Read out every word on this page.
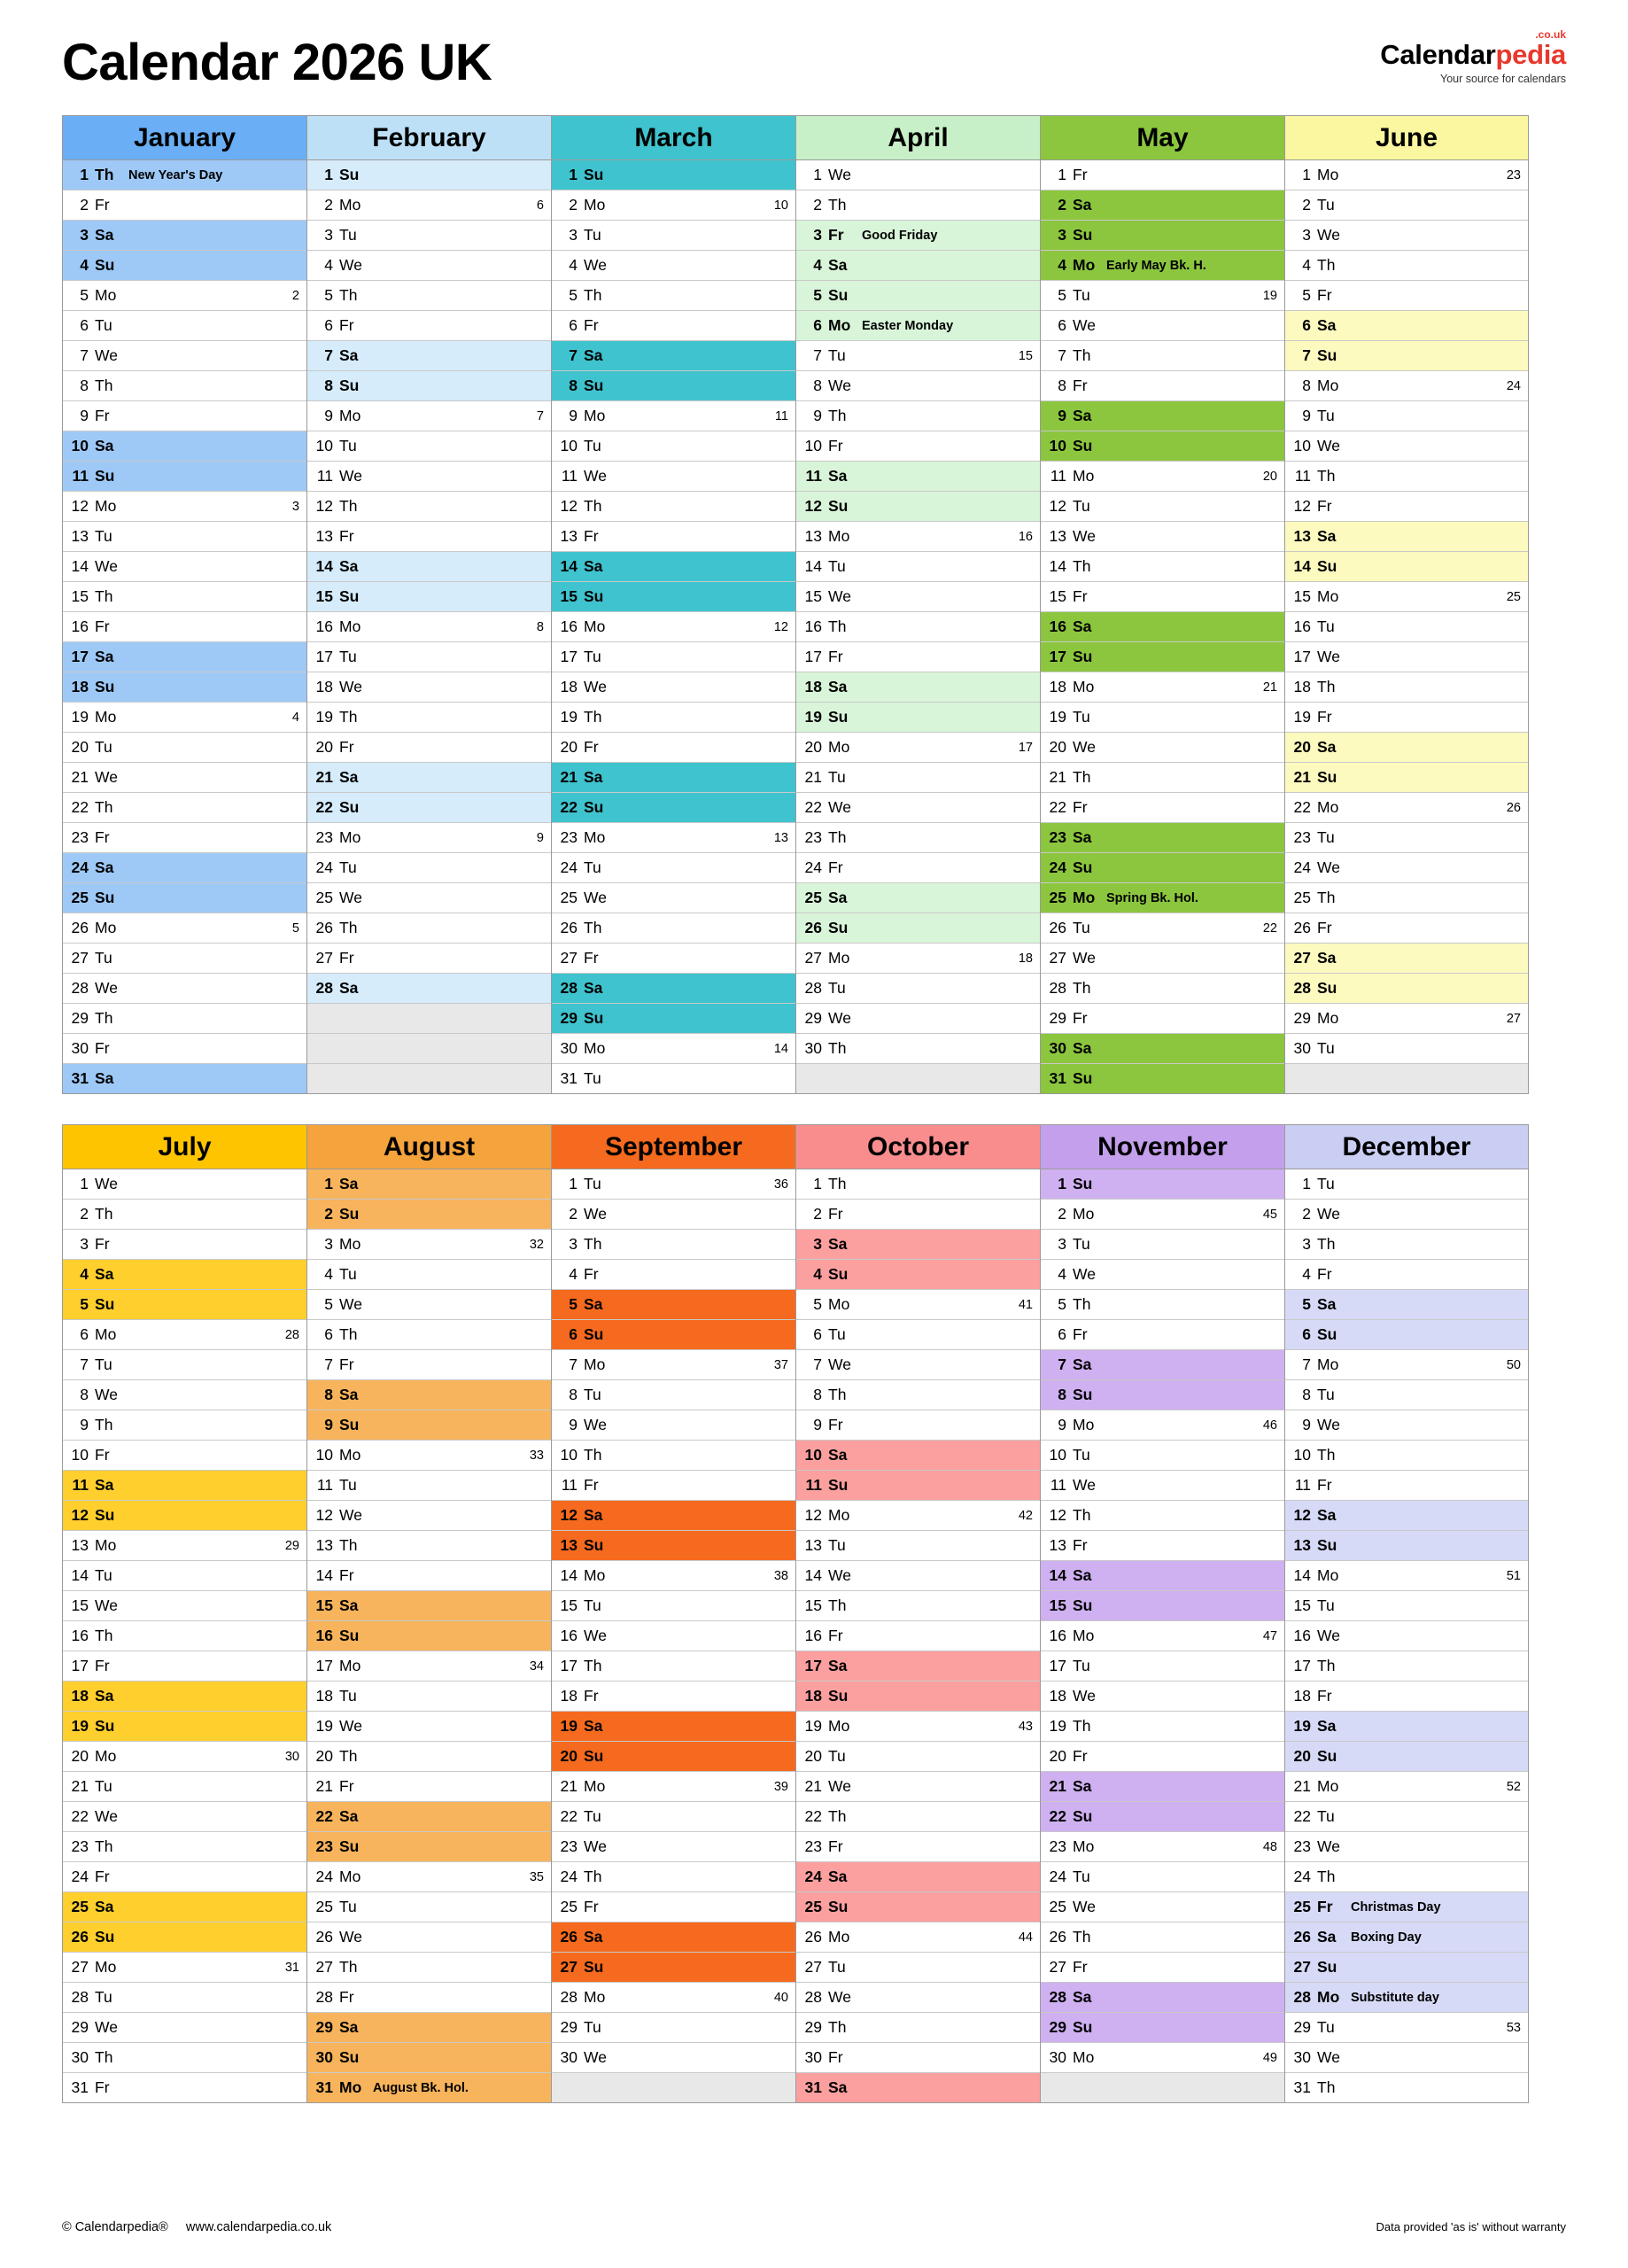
Calendar 2026 UK	Calendarpedia
.co.uk
Your source for calendars
January
1 Th	New Year's Day
2 Fr
3 Sa
4 Su
5 Mo	2
6 Tu
7 We
8 Th
9 Fr
10 Sa
11 Su
12 Mo	3
13 Tu
14 We
15 Th
16 Fr
17 Sa
18 Su
19 Mo	4
20 Tu
21 We
22 Th
23 Fr
24 Sa
25 Su
26 Mo	5
27 Tu
28 We
29 Th
30 Fr
31 Sa
February
1 Su
2 Mo	6
3 Tu
4 We
5 Th
6 Fr
7 Sa
8 Su
9 Mo	7
10 Tu
11 We
12 Th
13 Fr
14 Sa
15 Su
16 Mo	8
17 Tu
18 We
19 Th
20 Fr
21 Sa
22 Su
23 Mo	9
24 Tu
25 We
26 Th
27 Fr
28 Sa
March
1 Su
2 Mo	10
3 Tu
4 We
5 Th
6 Fr
7 Sa
8 Su
9 Mo	11
10 Tu
11 We
12 Th
13 Fr
14 Sa
15 Su
16 Mo	12
17 Tu
18 We
19 Th
20 Fr
21 Sa
22 Su
23 Mo	13
24 Tu
25 We
26 Th
27 Fr
28 Sa
29 Su
30 Mo	14
31 Tu
April
1 We
2 Th
3 Fr	Good Friday
4 Sa
5 Su
6 Mo Easter Monday
7 Tu	15
8 We
9 Th
10 Fr
11 Sa
12 Su
13 Mo	16
14 Tu
15 We
16 Th
17 Fr
18 Sa
19 Su
20 Mo	17
21 Tu
22 We
23 Th
24 Fr
25 Sa
26 Su
27 Mo	18
28 Tu
29 We
30 Th
May
1 Fr
2 Sa
3 Su
4 Mo Early May Bk. H.
5 Tu	19
6 We
7 Th
8 Fr
9 Sa
10 Su
11 Mo	20
12 Tu
13 We
14 Th
15 Fr
16 Sa
17 Su
18 Mo	21
19 Tu
20 We
21 Th
22 Fr
23 Sa
24 Su
25 Mo Spring Bk. Hol.
26 Tu	22
27 We
28 Th
29 Fr
30 Sa
31 Su
June
1 Mo	23
2 Tu
3 We
4 Th
5 Fr
6 Sa
7 Su
8 Mo	24
9 Tu
10 We
11 Th
12 Fr
13 Sa
14 Su
15 Mo	25
16 Tu
17 We
18 Th
19 Fr
20 Sa
21 Su
22 Mo	26
23 Tu
24 We
25 Th
26 Fr
27 Sa
28 Su
29 Mo	27
30 Tu
July
1 We
2 Th
3 Fr
4 Sa
5 Su
6 Mo	28
7 Tu
8 We
9 Th
10 Fr
11 Sa
12 Su
13 Mo	29
14 Tu
15 We
16 Th
17 Fr
18 Sa
19 Su
20 Mo	30
21 Tu
22 We
23 Th
24 Fr
25 Sa
26 Su
27 Mo	31
28 Tu
29 We
30 Th
31 Fr
August
1 Sa
2 Su
3 Mo	32
4 Tu
5 We
6 Th
7 Fr
8 Sa
9 Su
10 Mo	33
11 Tu
12 We
13 Th
14 Fr
15 Sa
16 Su
17 Mo	34
18 Tu
19 We
20 Th
21 Fr
22 Sa
23 Su
24 Mo	35
25 Tu
26 We
27 Th
28 Fr
29 Sa
30 Su
31 Mo August Bk. Hol.
September
1 Tu	36
2 We
3 Th
4 Fr
5 Sa
6 Su
7 Mo	37
8 Tu
9 We
10 Th
11 Fr
12 Sa
13 Su
14 Mo	38
15 Tu
16 We
17 Th
18 Fr
19 Sa
20 Su
21 Mo	39
22 Tu
23 We
24 Th
25 Fr
26 Sa
27 Su
28 Mo	40
29 Tu
30 We
October
1 Th
2 Fr
3 Sa
4 Su
5 Mo	41
6 Tu
7 We
8 Th
9 Fr
10 Sa
11 Su
12 Mo	42
13 Tu
14 We
15 Th
16 Fr
17 Sa
18 Su
19 Mo	43
20 Tu
21 We
22 Th
23 Fr
24 Sa
25 Su
26 Mo	44
27 Tu
28 We
29 Th
30 Fr
31 Sa
November
1 Su
2 Mo	45
3 Tu
4 We
5 Th
6 Fr
7 Sa
8 Su
9 Mo	46
10 Tu
11 We
12 Th
13 Fr
14 Sa
15 Su
16 Mo	47
17 Tu
18 We
19 Th
20 Fr
21 Sa
22 Su
23 Mo	48
24 Tu
25 We
26 Th
27 Fr
28 Sa
29 Su
30 Mo	49
December
1 Tu
2 We
3 Th
4 Fr
5 Sa
6 Su
7 Mo	50
8 Tu
9 We
10 Th
11 Fr
12 Sa
13 Su
14 Mo	51
15 Tu
16 We
17 Th
18 Fr
19 Sa
20 Su
21 Mo	52
22 Tu
23 We
24 Th
25 Fr	Christmas Day
26 Sa	Boxing Day
27 Su
28 Mo Substitute day
29 Tu	53
30 We
31 Th
© Calendarpedia® www.calendarpedia.co.uk	Data provided 'as is' without warranty
